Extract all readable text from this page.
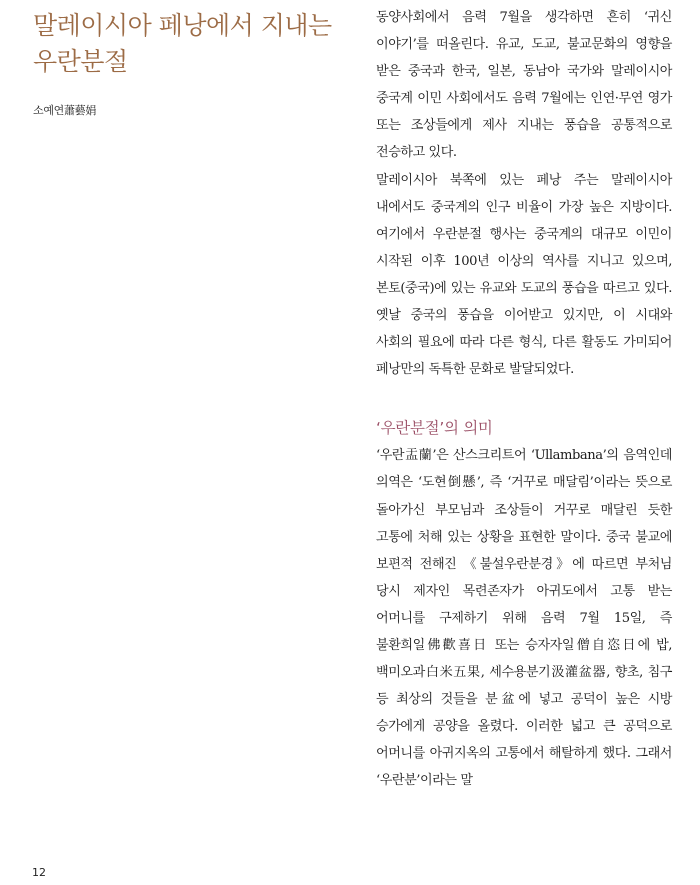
말레이시아 페낭에서 지내는
우란분절
소예연蕭藝娟

동양사회에서 음력 7월을 생각하면 흔히 ‘귀신 이야기’를 떠올린다. 유교, 도교, 불교문화의 영향을 받은 중국과 한국, 일본, 동남아 국가와 말레이시아 중국계 이민 사회에서도 음력 7월에는 인연·무연 영가 또는 조상들에게 제사 지내는 풍습을 공통적으로 전승하고 있다.

말레이시아 북쪽에 있는 페낭 주는 말레이시아 내에서도 중국계의 인구 비율이 가장 높은 지방이다. 여기에서 우란분절 행사는 중국계의 대규모 이민이 시작된 이후 100년 이상의 역사를 지니고 있으며, 본토(중국)에 있는 유교와 도교의 풍습을 따르고 있다. 옛날 중국의 풍습을 이어받고 있지만, 이 시대와 사회의 필요에 따라 다른 형식, 다른 활동도 가미되어 페낭만의 독특한 문화로 발달되었다.

‘우란분절’의 의미

‘우란盂蘭’은 산스크리트어 ‘Ullambana’의 음역인데 의역은 ‘도현倒懸’, 즉 ‘거꾸로 매달림’이라는 뜻으로 돌아가신 부모님과 조상들이 거꾸로 매달린 듯한 고통에 처해 있는 상황을 표현한 말이다. 중국 불교에 보편적 전해진 《불설우란분경》에 따르면 부처님 당시 제자인 목련존자가 아귀도에서 고통 받는 어머니를 구제하기 위해 음력 7월 15일, 즉 불환희일佛歡喜日 또는 승자자일僧自恣日에 밥, 백미오과白米五果, 세수용분기汲灌盆器, 향초, 침구 등 최상의 것들을 분盆에 넣고 공덕이 높은 시방 승가에게 공양을 올렸다. 이러한 넓고 큰 공덕으로 어머니를 아귀지옥의 고통에서 해탈하게 했다. 그래서 ‘우란분’이라는 말

12
